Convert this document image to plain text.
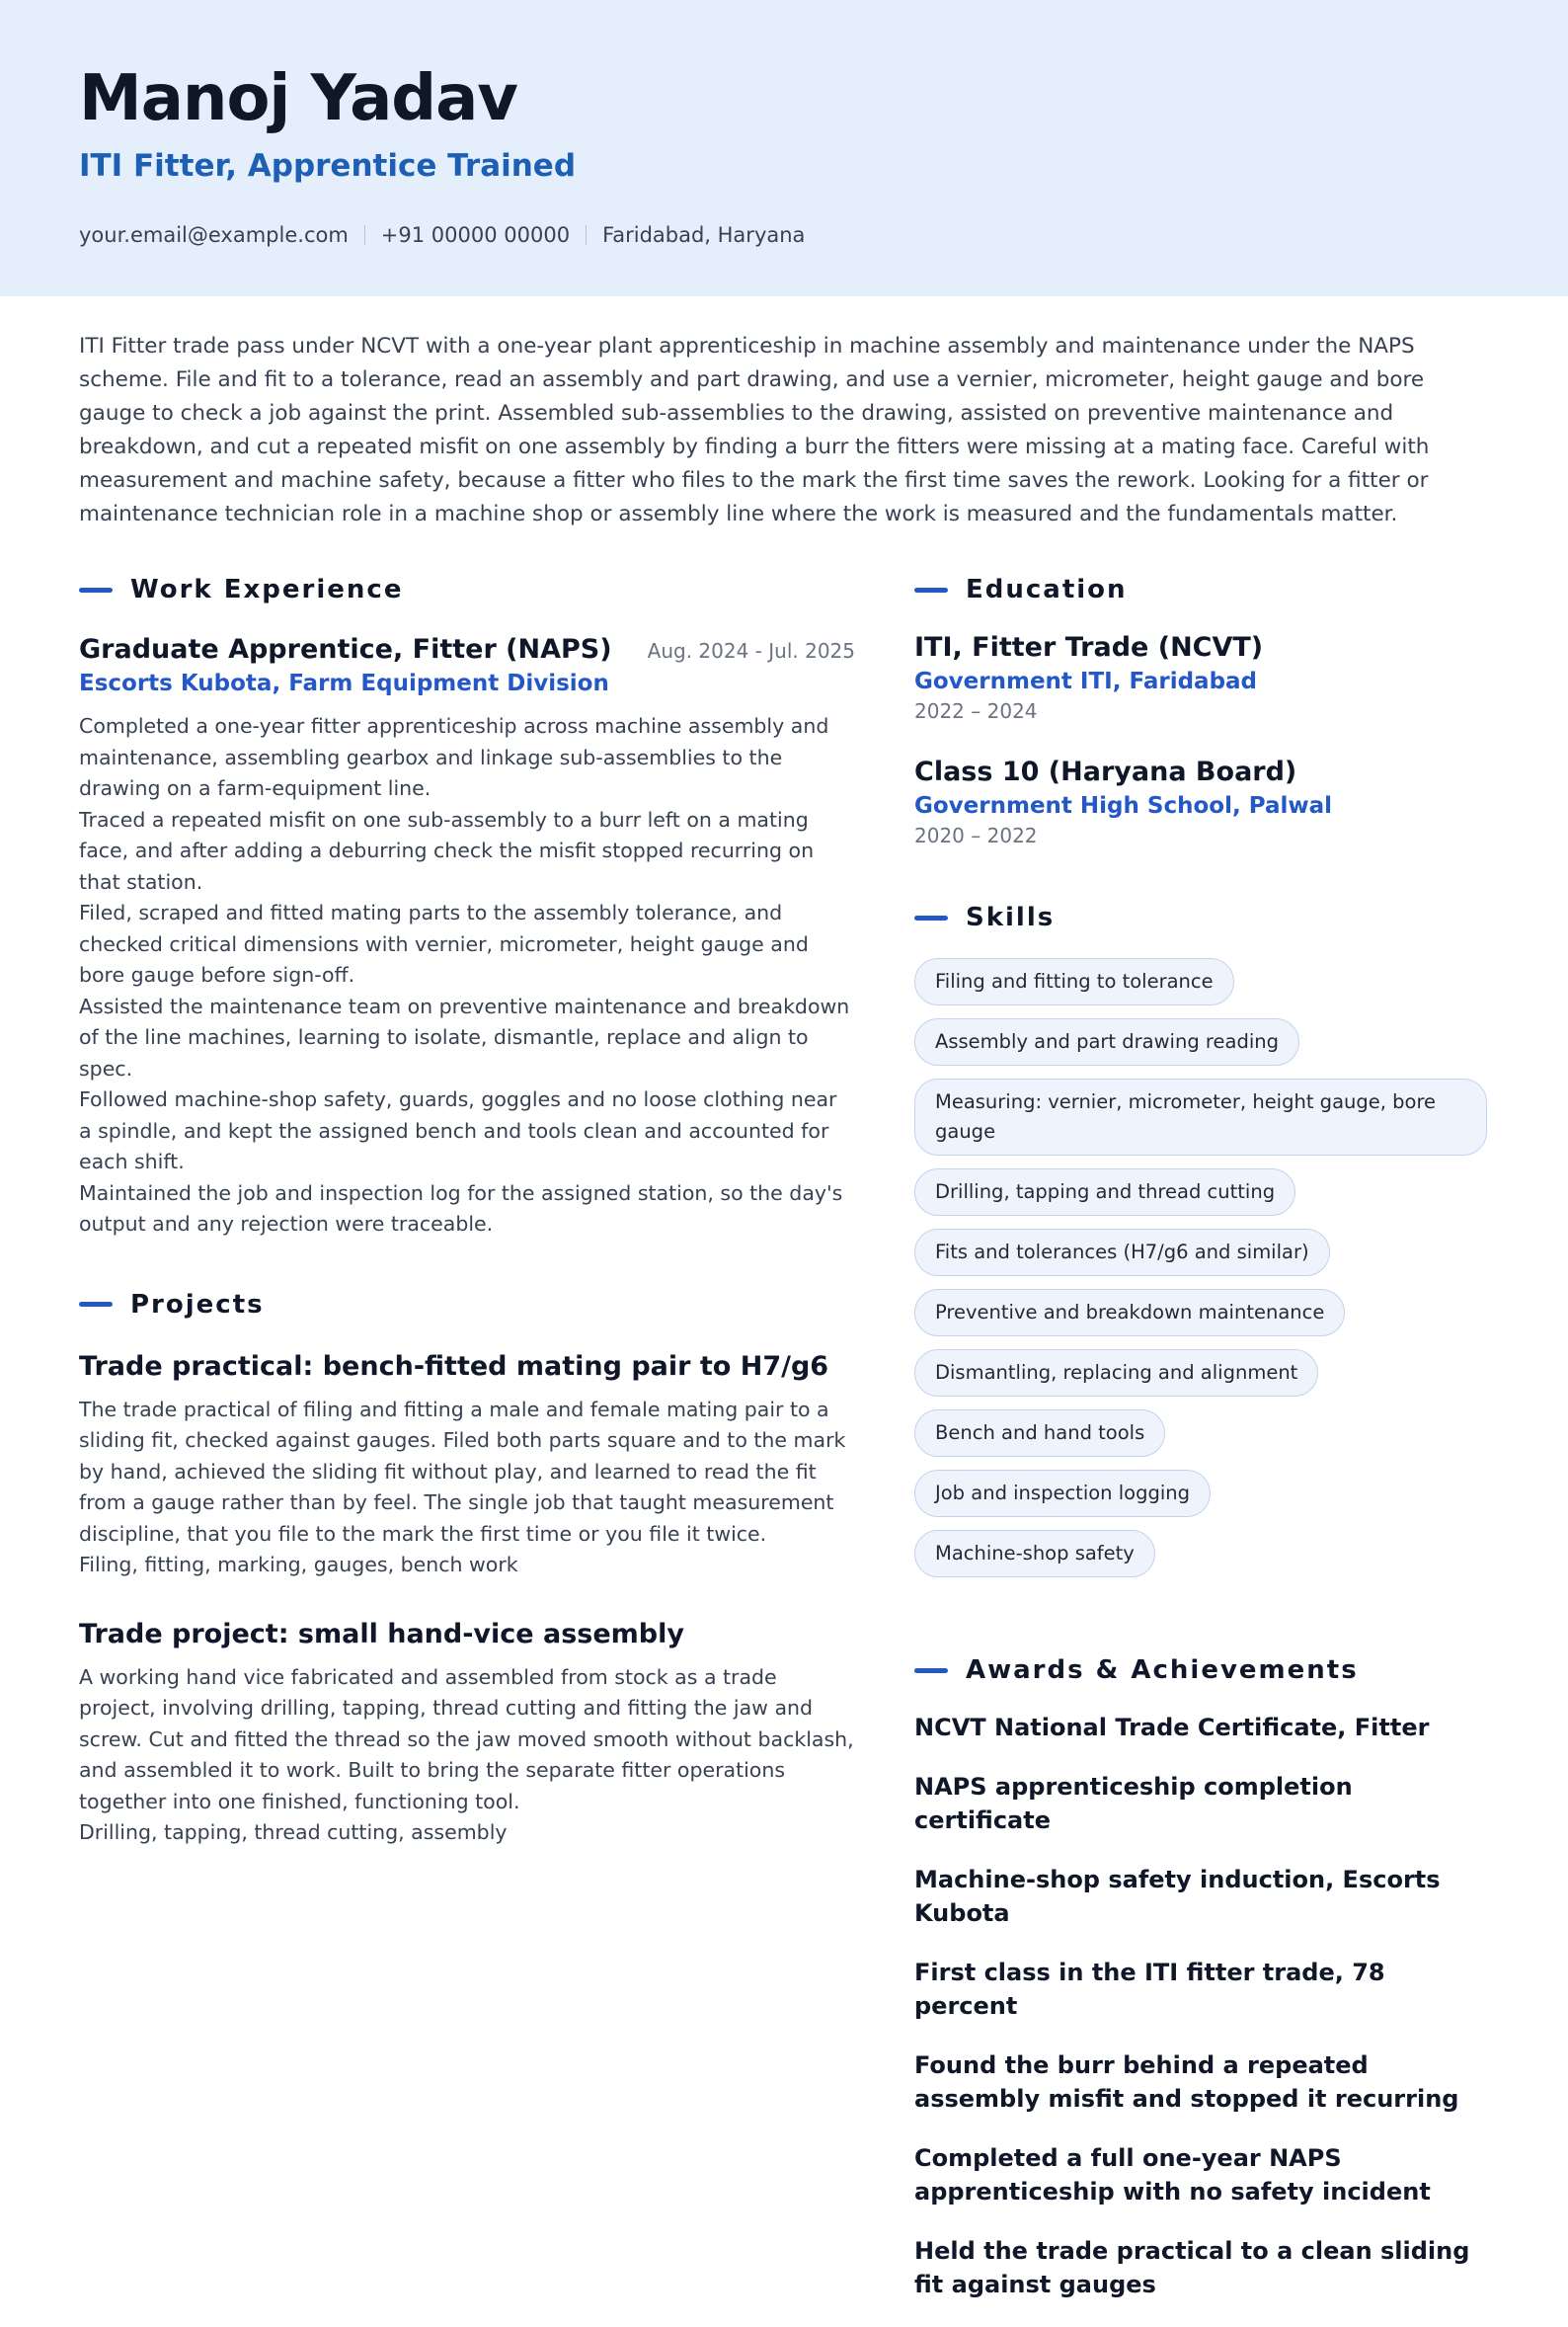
Manoj Yadav
ITI Fitter, Apprentice Trained
your.email@example.com +91 00000 00000 Faridabad, Haryana
ITI Fitter trade pass under NCVT with a one-year plant apprenticeship in machine assembly and maintenance under the NAPS scheme. File and fit to a tolerance, read an assembly and part drawing, and use a vernier, micrometer, height gauge and bore gauge to check a job against the print. Assembled sub-assemblies to the drawing, assisted on preventive maintenance and breakdown, and cut a repeated misfit on one assembly by finding a burr the fitters were missing at a mating face. Careful with measurement and machine safety, because a fitter who files to the mark the first time saves the rework. Looking for a fitter or maintenance technician role in a machine shop or assembly line where the work is measured and the fundamentals matter.
Work Experience
Graduate Apprentice, Fitter (NAPS) Aug. 2024 - Jul. 2025
Escorts Kubota, Farm Equipment Division

Completed a one-year fitter apprenticeship across machine assembly and maintenance, assembling gearbox and linkage sub-assemblies to the drawing on a farm-equipment line.

Traced a repeated misfit on one sub-assembly to a burr left on a mating face, and after adding a deburring check the misfit stopped recurring on that station.

Filed, scraped and fitted mating parts to the assembly tolerance, and checked critical dimensions with vernier, micrometer, height gauge and bore gauge before sign-off.

Assisted the maintenance team on preventive maintenance and breakdown of the line machines, learning to isolate, dismantle, replace and align to spec.

Followed machine-shop safety, guards, goggles and no loose clothing near a spindle, and kept the assigned bench and tools clean and accounted for each shift.

Maintained the job and inspection log for the assigned station, so the day's output and any rejection were traceable.

Projects
Trade practical: bench-fitted mating pair to H7/g6
The trade practical of filing and fitting a male and female mating pair to a sliding fit, checked against gauges. Filed both parts square and to the mark by hand, achieved the sliding fit without play, and learned to read the fit from a gauge rather than by feel. The single job that taught measurement discipline, that you file to the mark the first time or you file it twice.
Filing, fitting, marking, gauges, bench work
Trade project: small hand-vice assembly
A working hand vice fabricated and assembled from stock as a trade project, involving drilling, tapping, thread cutting and fitting the jaw and screw. Cut and fitted the thread so the jaw moved smooth without backlash, and assembled it to work. Built to bring the separate fitter operations together into one finished, functioning tool.
Drilling, tapping, thread cutting, assembly
Education
ITI, Fitter Trade (NCVT)
Government ITI, Faridabad
2022 – 2024
Class 10 (Haryana Board)
Government High School, Palwal
2020 – 2022
Skills
Filing and fitting to tolerance
Assembly and part drawing reading
Measuring: vernier, micrometer, height gauge, bore gauge
Drilling, tapping and thread cutting
Fits and tolerances (H7/g6 and similar)
Preventive and breakdown maintenance
Dismantling, replacing and alignment
Bench and hand tools
Job and inspection logging
Machine-shop safety
Awards & Achievements
NCVT National Trade Certificate, Fitter
NAPS apprenticeship completion certificate
Machine-shop safety induction, Escorts Kubota
First class in the ITI fitter trade, 78 percent
Found the burr behind a repeated assembly misfit and stopped it recurring
Completed a full one-year NAPS apprenticeship with no safety incident
Held the trade practical to a clean sliding fit against gauges
